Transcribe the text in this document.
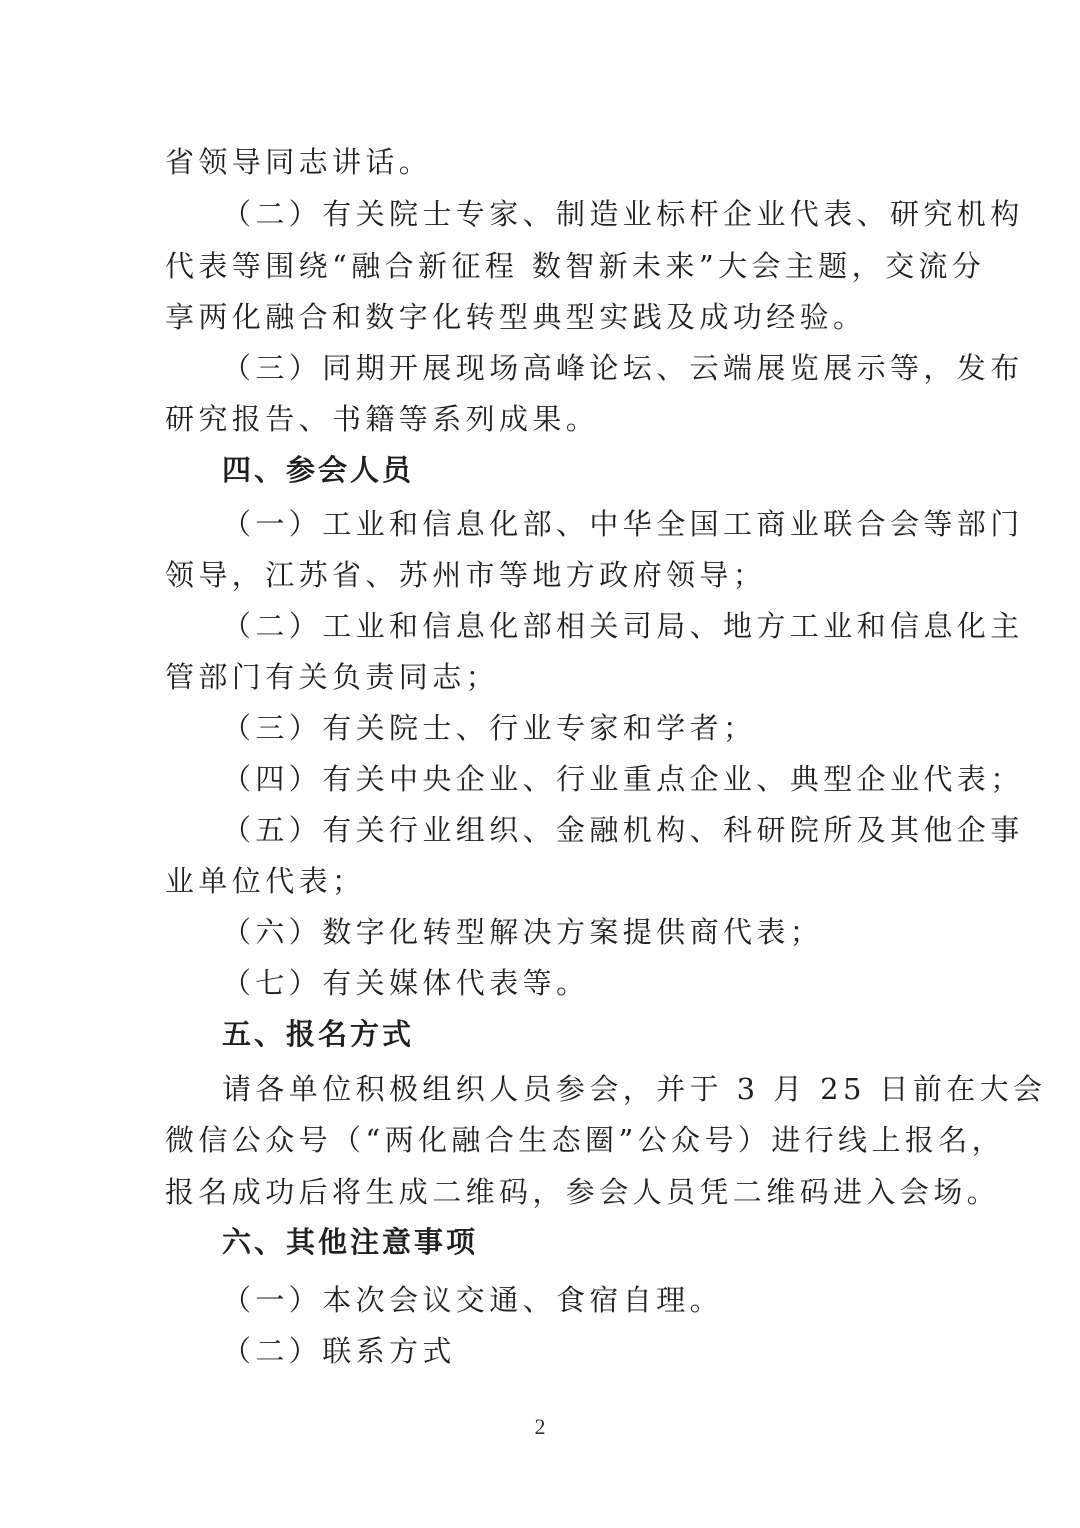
省领导同志讲话。
（二）有关院士专家、制造业标杆企业代表、研究机构
代表等围绕“融合新征程 数智新未来”大会主题，交流分
享两化融合和数字化转型典型实践及成功经验。
（三）同期开展现场高峰论坛、云端展览展示等，发布
研究报告、书籍等系列成果。
四、参会人员
（一）工业和信息化部、中华全国工商业联合会等部门
领导，江苏省、苏州市等地方政府领导；
（二）工业和信息化部相关司局、地方工业和信息化主
管部门有关负责同志；
（三）有关院士、行业专家和学者；
（四）有关中央企业、行业重点企业、典型企业代表；
（五）有关行业组织、金融机构、科研院所及其他企事
业单位代表；
（六）数字化转型解决方案提供商代表；
（七）有关媒体代表等。
五、报名方式
请各单位积极组织人员参会，并于 3 月 25 日前在大会
微信公众号（“两化融合生态圈”公众号）进行线上报名，
报名成功后将生成二维码，参会人员凭二维码进入会场。
六、其他注意事项
（一）本次会议交通、食宿自理。
（二）联系方式
2
